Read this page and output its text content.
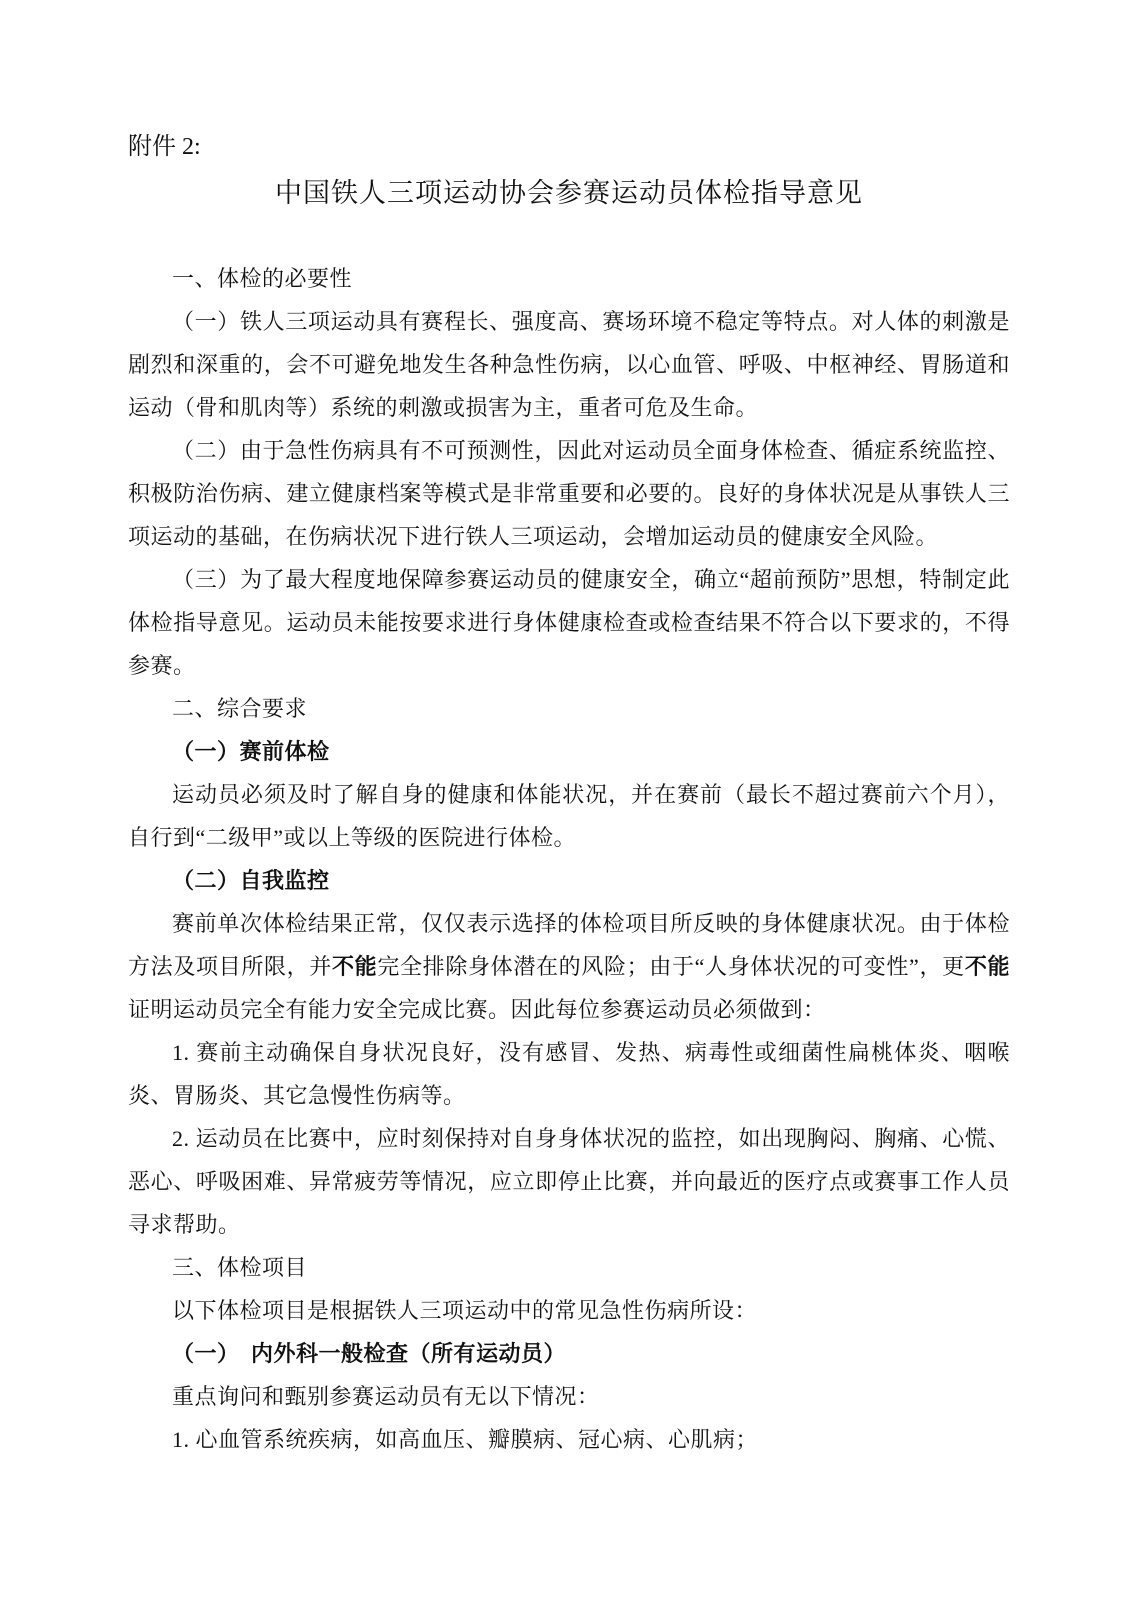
附件 2:

中国铁人三项运动协会参赛运动员体检指导意见

一、体检的必要性

（一）铁人三项运动具有赛程长、强度高、赛场环境不稳定等特点。对人体的刺激是剧烈和深重的，会不可避免地发生各种急性伤病，以心血管、呼吸、中枢神经、胃肠道和运动（骨和肌肉等）系统的刺激或损害为主，重者可危及生命。

（二）由于急性伤病具有不可预测性，因此对运动员全面身体检查、循症系统监控、积极防治伤病、建立健康档案等模式是非常重要和必要的。良好的身体状况是从事铁人三项运动的基础，在伤病状况下进行铁人三项运动，会增加运动员的健康安全风险。

（三）为了最大程度地保障参赛运动员的健康安全，确立“超前预防”思想，特制定此体检指导意见。运动员未能按要求进行身体健康检查或检查结果不符合以下要求的，不得参赛。

二、综合要求

（一）赛前体检

运动员必须及时了解自身的健康和体能状况，并在赛前（最长不超过赛前六个月），自行到“二级甲”或以上等级的医院进行体检。

（二）自我监控

赛前单次体检结果正常，仅仅表示选择的体检项目所反映的身体健康状况。由于体检方法及项目所限，并不能完全排除身体潜在的风险；由于“人身体状况的可变性”，更不能证明运动员完全有能力安全完成比赛。因此每位参赛运动员必须做到：

1. 赛前主动确保自身状况良好，没有感冒、发热、病毒性或细菌性扁桃体炎、咽喉炎、胃肠炎、其它急慢性伤病等。

2. 运动员在比赛中，应时刻保持对自身身体状况的监控，如出现胸闷、胸痛、心慌、恶心、呼吸困难、异常疲劳等情况，应立即停止比赛，并向最近的医疗点或赛事工作人员寻求帮助。

三、体检项目

以下体检项目是根据铁人三项运动中的常见急性伤病所设：

（一）　内外科一般检查（所有运动员）

重点询问和甄别参赛运动员有无以下情况：

1. 心血管系统疾病，如高血压、瓣膜病、冠心病、心肌病；
